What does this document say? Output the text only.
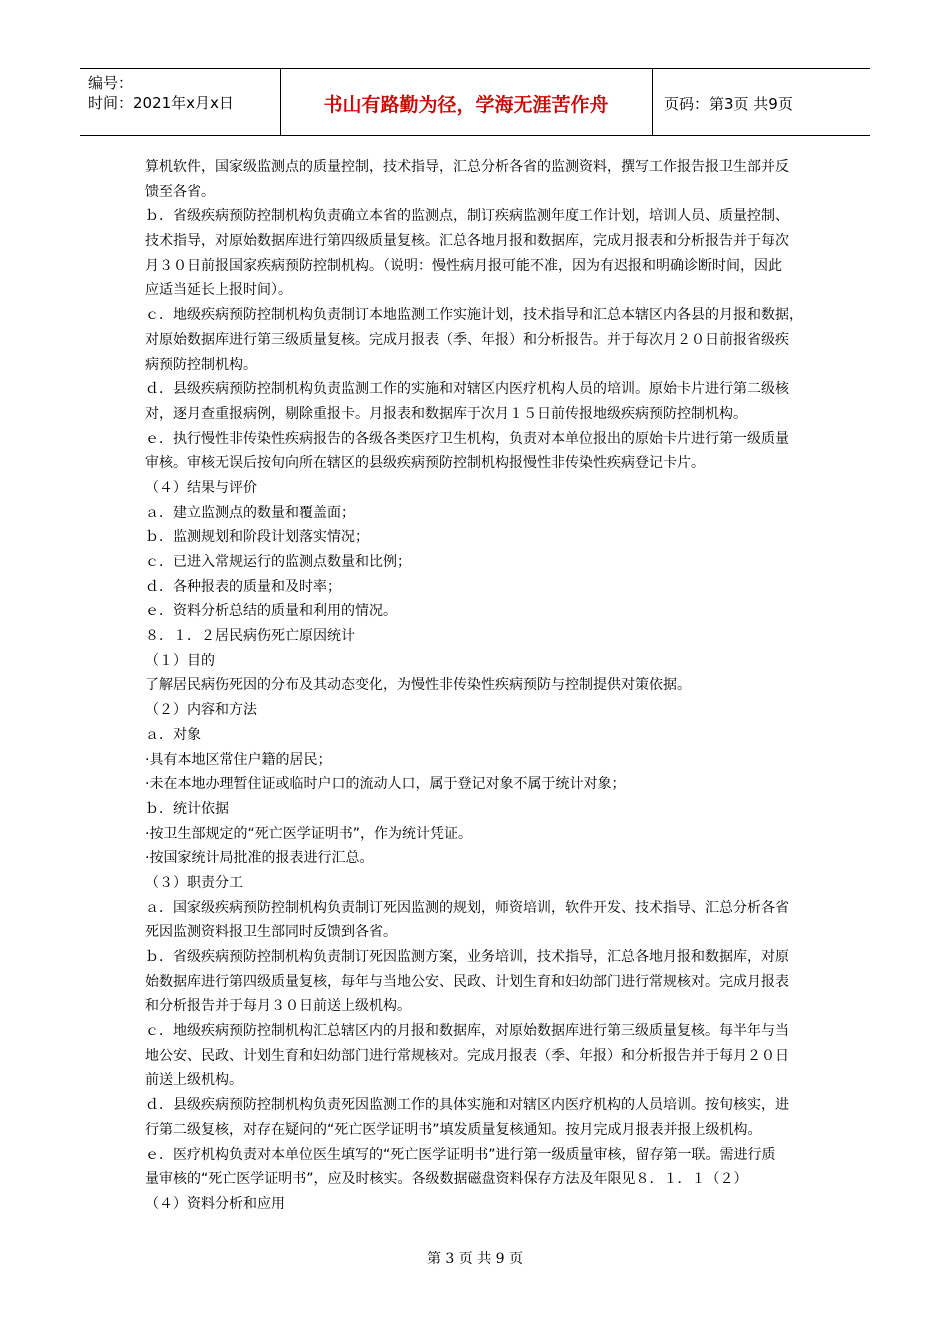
编号：
时间：2021年x月x日	书山有路勤为径，学海无涯苦作舟	页码：第3页 共9页
算机软件，国家级监测点的质量控制，技术指导，汇总分析各省的监测资料，撰写工作报告报卫生部并反
馈至各省。
ｂ．省级疾病预防控制机构负责确立本省的监测点，制订疾病监测年度工作计划，培训人员、质量控制、
技术指导，对原始数据库进行第四级质量复核。汇总各地月报和数据库，完成月报表和分析报告并于每次
月３０日前报国家疾病预防控制机构。（说明：慢性病月报可能不准，因为有迟报和明确诊断时间，因此
应适当延长上报时间）。
ｃ．地级疾病预防控制机构负责制订本地监测工作实施计划，技术指导和汇总本辖区内各县的月报和数据，
对原始数据库进行第三级质量复核。完成月报表（季、年报）和分析报告。并于每次月２０日前报省级疾
病预防控制机构。
ｄ．县级疾病预防控制机构负责监测工作的实施和对辖区内医疗机构人员的培训。原始卡片进行第二级核
对，逐月查重报病例，剔除重报卡。月报表和数据库于次月１５日前传报地级疾病预防控制机构。
ｅ．执行慢性非传染性疾病报告的各级各类医疗卫生机构，负责对本单位报出的原始卡片进行第一级质量
审核。审核无误后按旬向所在辖区的县级疾病预防控制机构报慢性非传染性疾病登记卡片。
（４）结果与评价
ａ．建立监测点的数量和覆盖面；
ｂ．监测规划和阶段计划落实情况；
ｃ．已进入常规运行的监测点数量和比例；
ｄ．各种报表的质量和及时率；
ｅ．资料分析总结的质量和利用的情况。
８．１．２居民病伤死亡原因统计
（１）目的
了解居民病伤死因的分布及其动态变化，为慢性非传染性疾病预防与控制提供对策依据。
（２）内容和方法
ａ．对象
·具有本地区常住户籍的居民；
·未在本地办理暂住证或临时户口的流动人口，属于登记对象不属于统计对象；
ｂ．统计依据
·按卫生部规定的“死亡医学证明书”，作为统计凭证。
·按国家统计局批准的报表进行汇总。
（３）职责分工
ａ．国家级疾病预防控制机构负责制订死因监测的规划，师资培训，软件开发、技术指导、汇总分析各省
死因监测资料报卫生部同时反馈到各省。
ｂ．省级疾病预防控制机构负责制订死因监测方案，业务培训，技术指导，汇总各地月报和数据库，对原
始数据库进行第四级质量复核，每年与当地公安、民政、计划生育和妇幼部门进行常规核对。完成月报表
和分析报告并于每月３０日前送上级机构。
ｃ．地级疾病预防控制机构汇总辖区内的月报和数据库，对原始数据库进行第三级质量复核。每半年与当
地公安、民政、计划生育和妇幼部门进行常规核对。完成月报表（季、年报）和分析报告并于每月２０日
前送上级机构。
ｄ．县级疾病预防控制机构负责死因监测工作的具体实施和对辖区内医疗机构的人员培训。按旬核实，进
行第二级复核，对存在疑问的“死亡医学证明书”填发质量复核通知。按月完成月报表并报上级机构。
ｅ．医疗机构负责对本单位医生填写的“死亡医学证明书”进行第一级质量审核，留存第一联。需进行质
量审核的“死亡医学证明书”，应及时核实。各级数据磁盘资料保存方法及年限见８．１．１（２）
（４）资料分析和应用
第 3 页 共 9 页
